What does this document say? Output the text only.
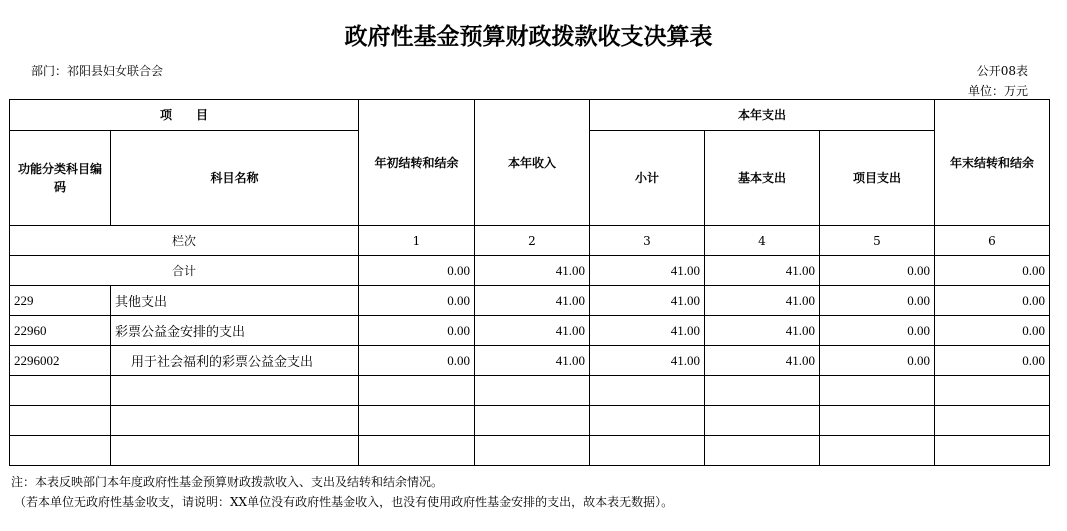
政府性基金预算财政拨款收支决算表
部门：祁阳县妇女联合会	公开08表
单位：万元
项　　目		年初结转和结余	本年收入	本年支出			年末结转和结余
功能分类科目编码	科目名称			小计	基本支出	项目支出	
栏次		1	2	3	4	5	6
合计		0.00	41.00	41.00	41.00	0.00	0.00
229	其他支出	0.00	41.00	41.00	41.00	0.00	0.00
22960	彩票公益金安排的支出	0.00	41.00	41.00	41.00	0.00	0.00
2296002	用于社会福利的彩票公益金支出	0.00	41.00	41.00	41.00	0.00	0.00

注：本表反映部门本年度政府性基金预算财政拨款收入、支出及结转和结余情况。
（若本单位无政府性基金收支，请说明：XX单位没有政府性基金收入，也没有使用政府性基金安排的支出，故本表无数据）。
